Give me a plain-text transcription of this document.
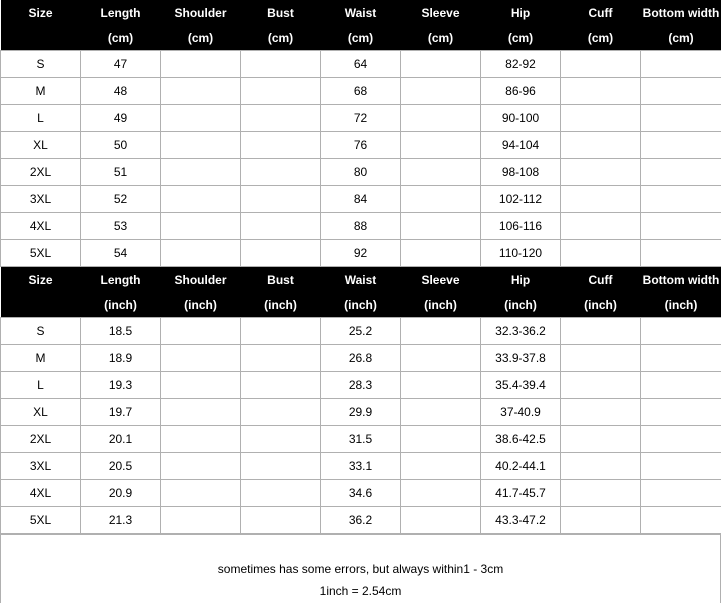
Size	Length	Shoulder	Bust	Waist	Sleeve	Hip	Cuff	Bottom width
	(cm)	(cm)	(cm)	(cm)	(cm)	(cm)	(cm)	(cm)
S	47			64		82-92		
M	48			68		86-96		
L	49			72		90-100		
XL	50			76		94-104		
2XL	51			80		98-108		
3XL	52			84		102-112		
4XL	53			88		106-116		
5XL	54			92		110-120		
Size	Length	Shoulder	Bust	Waist	Sleeve	Hip	Cuff	Bottom width
	(inch)	(inch)	(inch)	(inch)	(inch)	(inch)	(inch)	(inch)
S	18.5			25.2		32.3-36.2		
M	18.9			26.8		33.9-37.8		
L	19.3			28.3		35.4-39.4		
XL	19.7			29.9		37-40.9		
2XL	20.1			31.5		38.6-42.5		
3XL	20.5			33.1		40.2-44.1		
4XL	20.9			34.6		41.7-45.7		
5XL	21.3			36.2		43.3-47.2		
sometimes has some errors, but always within1 - 3cm
1inch = 2.54cm
